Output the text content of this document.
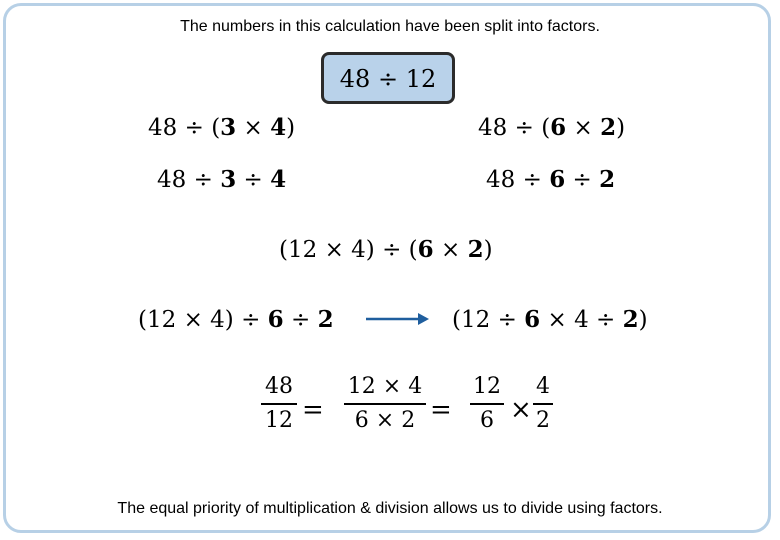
The numbers in this calculation have been split into factors.
48 ÷ 12
48 ÷ (3 × 4)	48 ÷ (6 × 2)
48 ÷ 3 ÷ 4	48 ÷ 6 ÷ 2
(12 × 4) ÷ (6 × 2)
(12 × 4) ÷ 6 ÷ 2	(12 ÷ 6 × 4 ÷ 2)
48
12 =
12 × 4
6 × 2 =
12
6 ×
4
2
The equal priority of multiplication & division allows us to divide using factors.
